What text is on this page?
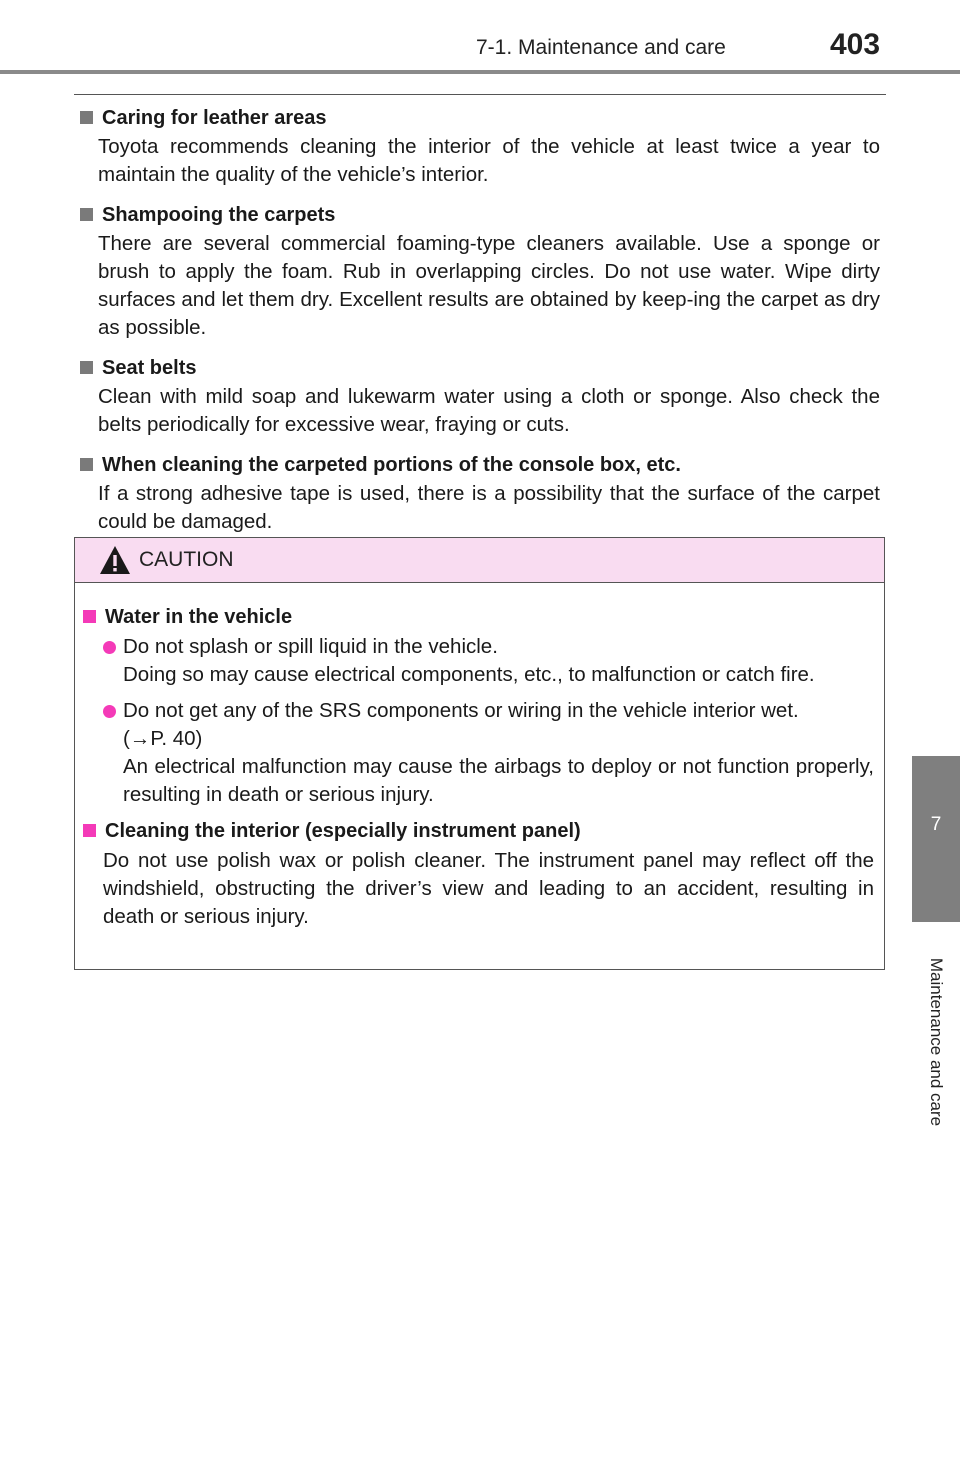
7-1. Maintenance and care	403
7
Maintenance and care
Caring for leather areas
Toyota recommends cleaning the interior of the vehicle at least twice a year to maintain the quality of the vehicle’s interior.
Shampooing the carpets
There are several commercial foaming-type cleaners available. Use a sponge or brush to apply the foam. Rub in overlapping circles. Do not use water. Wipe dirty surfaces and let them dry. Excellent results are obtained by keep-ing the carpet as dry as possible.
Seat belts
Clean with mild soap and lukewarm water using a cloth or sponge. Also check the belts periodically for excessive wear, fraying or cuts.
When cleaning the carpeted portions of the console box, etc.
If a strong adhesive tape is used, there is a possibility that the surface of the carpet could be damaged.
CAUTION
Water in the vehicle
Do not splash or spill liquid in the vehicle.
Doing so may cause electrical components, etc., to malfunction or catch fire.
Do not get any of the SRS components or wiring in the vehicle interior wet.
(→P. 40)
An electrical malfunction may cause the airbags to deploy or not function properly, resulting in death or serious injury.
Cleaning the interior (especially instrument panel)
Do not use polish wax or polish cleaner. The instrument panel may reflect off the windshield, obstructing the driver’s view and leading to an accident, resulting in death or serious injury.
